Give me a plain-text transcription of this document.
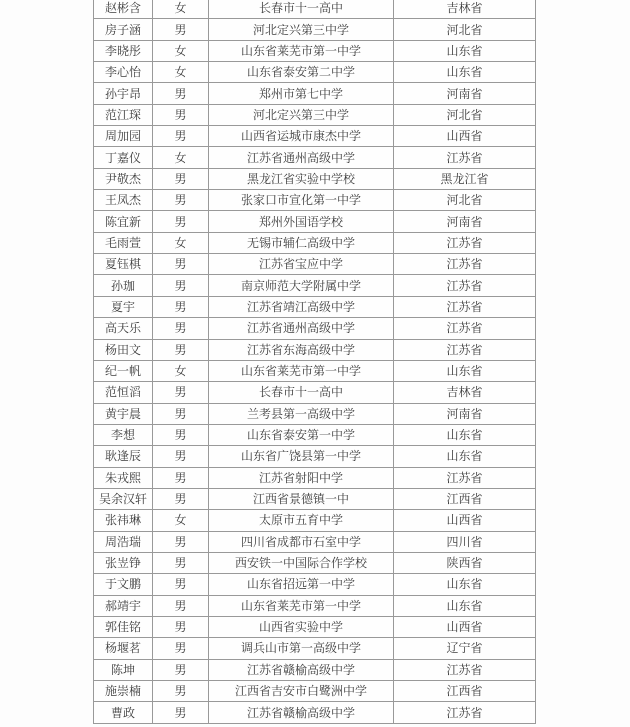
赵彬含	女	长春市十一高中	吉林省
房子涵	男	河北定兴第三中学	河北省
李晓彤	女	山东省莱芜市第一中学	山东省
李心怡	女	山东省泰安第二中学	山东省
孙宇昂	男	郑州市第七中学	河南省
范江琛	男	河北定兴第三中学	河北省
周加园	男	山西省运城市康杰中学	山西省
丁嘉仪	女	江苏省通州高级中学	江苏省
尹敬杰	男	黑龙江省实验中学校	黑龙江省
王凤杰	男	张家口市宣化第一中学	河北省
陈宜新	男	郑州外国语学校	河南省
毛雨萱	女	无锡市辅仁高级中学	江苏省
夏钰棋	男	江苏省宝应中学	江苏省
孙珈	男	南京师范大学附属中学	江苏省
夏宇	男	江苏省靖江高级中学	江苏省
高天乐	男	江苏省通州高级中学	江苏省
杨田文	男	江苏省东海高级中学	江苏省
纪一帆	女	山东省莱芜市第一中学	山东省
范恒滔	男	长春市十一高中	吉林省
黄宇晨	男	兰考县第一高级中学	河南省
李想	男	山东省泰安第一中学	山东省
耿逢辰	男	山东省广饶县第一中学	山东省
朱戎熙	男	江苏省射阳中学	江苏省
吴余汉轩	男	江西省景德镇一中	江西省
张祎琳	女	太原市五育中学	山西省
周浩瑞	男	四川省成都市石室中学	四川省
张岦铮	男	西安铁一中国际合作学校	陕西省
于文鹏	男	山东省招远第一中学	山东省
郝靖宇	男	山东省莱芜市第一中学	山东省
郭佳铭	男	山西省实验中学	山西省
杨堰茗	男	调兵山市第一高级中学	辽宁省
陈坤	男	江苏省赣榆高级中学	江苏省
施崇楠	男	江西省吉安市白鹭洲中学	江西省
曹政	男	江苏省赣榆高级中学	江苏省
